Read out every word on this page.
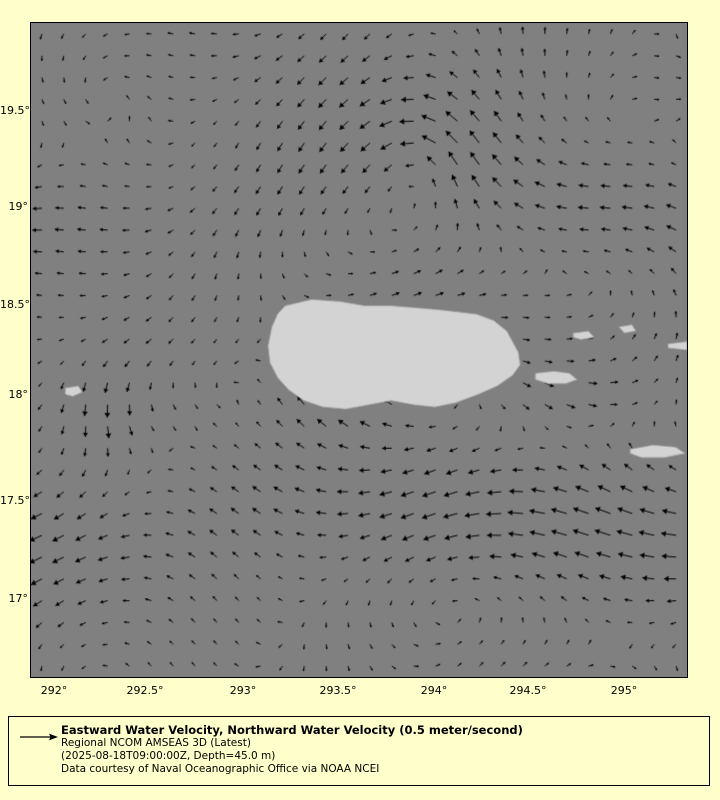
19.5°
19°
18.5°
18°
17.5°
17°
292°	292.5°	293°	293.5°	294°	294.5°	295°
Eastward Water Velocity, Northward Water Velocity (0.5 meter/second)
Regional NCOM AMSEAS 3D (Latest)
(2025-08-18T09:00:00Z, Depth=45.0 m)
Data courtesy of Naval Oceanographic Office via NOAA NCEI
